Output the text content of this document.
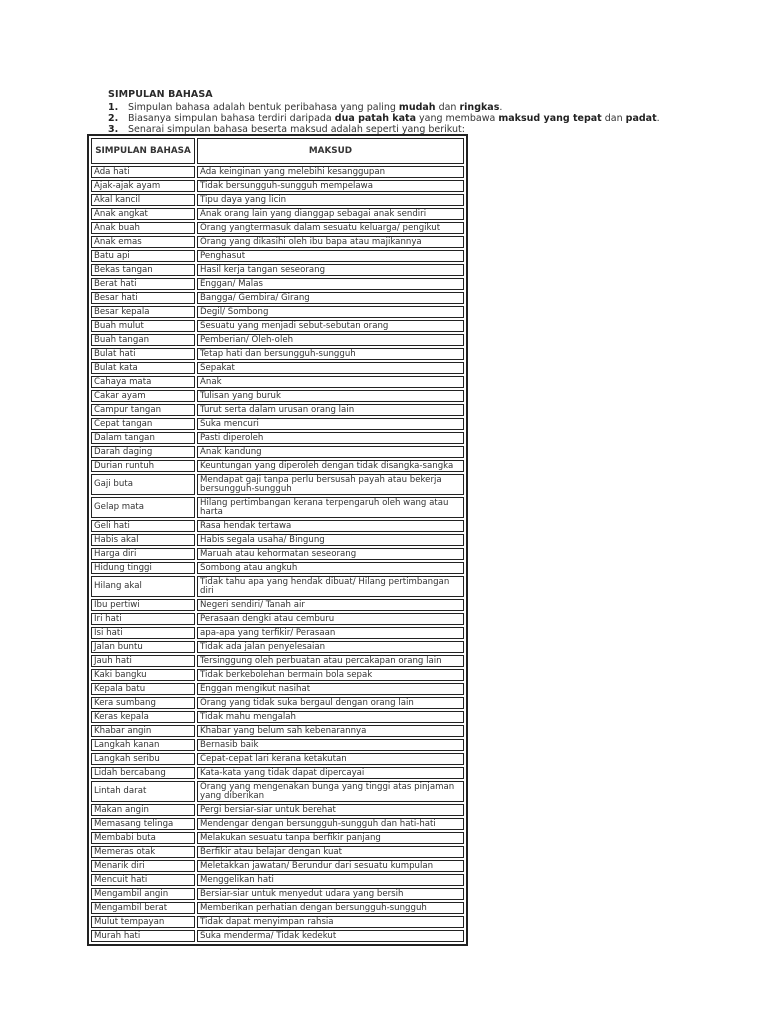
SIMPULAN BAHASA
1. Simpulan bahasa adalah bentuk peribahasa yang paling mudah dan ringkas.
2. Biasanya simpulan bahasa terdiri daripada dua patah kata yang membawa maksud yang tepat dan padat.
3. Senarai simpulan bahasa beserta maksud adalah seperti yang berikut:
SIMPULAN BAHASA	MAKSUD
Ada hati	Ada keinginan yang melebihi kesanggupan
Ajak-ajak ayam	Tidak bersungguh-sungguh mempelawa
Akal kancil	Tipu daya yang licin
Anak angkat	Anak orang lain yang dianggap sebagai anak sendiri
Anak buah	Orang yangtermasuk dalam sesuatu keluarga/ pengikut
Anak emas	Orang yang dikasihi oleh ibu bapa atau majikannya
Batu api	Penghasut
Bekas tangan	Hasil kerja tangan seseorang
Berat hati	Enggan/ Malas
Besar hati	Bangga/ Gembira/ Girang
Besar kepala	Degil/ Sombong
Buah mulut	Sesuatu yang menjadi sebut-sebutan orang
Buah tangan	Pemberian/ Oleh-oleh
Bulat hati	Tetap hati dan bersungguh-sungguh
Bulat kata	Sepakat
Cahaya mata	Anak
Cakar ayam	Tulisan yang buruk
Campur tangan	Turut serta dalam urusan orang lain
Cepat tangan	Suka mencuri
Dalam tangan	Pasti diperoleh
Darah daging	Anak kandung
Durian runtuh	Keuntungan yang diperoleh dengan tidak disangka-sangka
Gaji buta	Mendapat gaji tanpa perlu bersusah payah atau bekerja bersungguh-sungguh
Gelap mata	Hilang pertimbangan kerana terpengaruh oleh wang atau harta
Geli hati	Rasa hendak tertawa
Habis akal	Habis segala usaha/ Bingung
Harga diri	Maruah atau kehormatan seseorang
Hidung tinggi	Sombong atau angkuh
Hilang akal	Tidak tahu apa yang hendak dibuat/ Hilang pertimbangan diri
Ibu pertiwi	Negeri sendiri/ Tanah air
Iri hati	Perasaan dengki atau cemburu
Isi hati	apa-apa yang terfikir/ Perasaan
Jalan buntu	Tidak ada jalan penyelesaian
Jauh hati	Tersinggung oleh perbuatan atau percakapan orang lain
Kaki bangku	Tidak berkebolehan bermain bola sepak
Kepala batu	Enggan mengikut nasihat
Kera sumbang	Orang yang tidak suka bergaul dengan orang lain
Keras kepala	Tidak mahu mengalah
Khabar angin	Khabar yang belum sah kebenarannya
Langkah kanan	Bernasib baik
Langkah seribu	Cepat-cepat lari kerana ketakutan
Lidah bercabang	Kata-kata yang tidak dapat dipercayai
Lintah darat	Orang yang mengenakan bunga yang tinggi atas pinjaman yang diberikan
Makan angin	Pergi bersiar-siar untuk berehat
Memasang telinga	Mendengar dengan bersungguh-sungguh dan hati-hati
Membabi buta	Melakukan sesuatu tanpa berfikir panjang
Memeras otak	Berfikir atau belajar dengan kuat
Menarik diri	Meletakkan jawatan/ Berundur dari sesuatu kumpulan
Mencuit hati	Menggelikan hati
Mengambil angin	Bersiar-siar untuk menyedut udara yang bersih
Mengambil berat	Memberikan perhatian dengan bersungguh-sungguh
Mulut tempayan	Tidak dapat menyimpan rahsia
Murah hati	Suka menderma/ Tidak kedekut
